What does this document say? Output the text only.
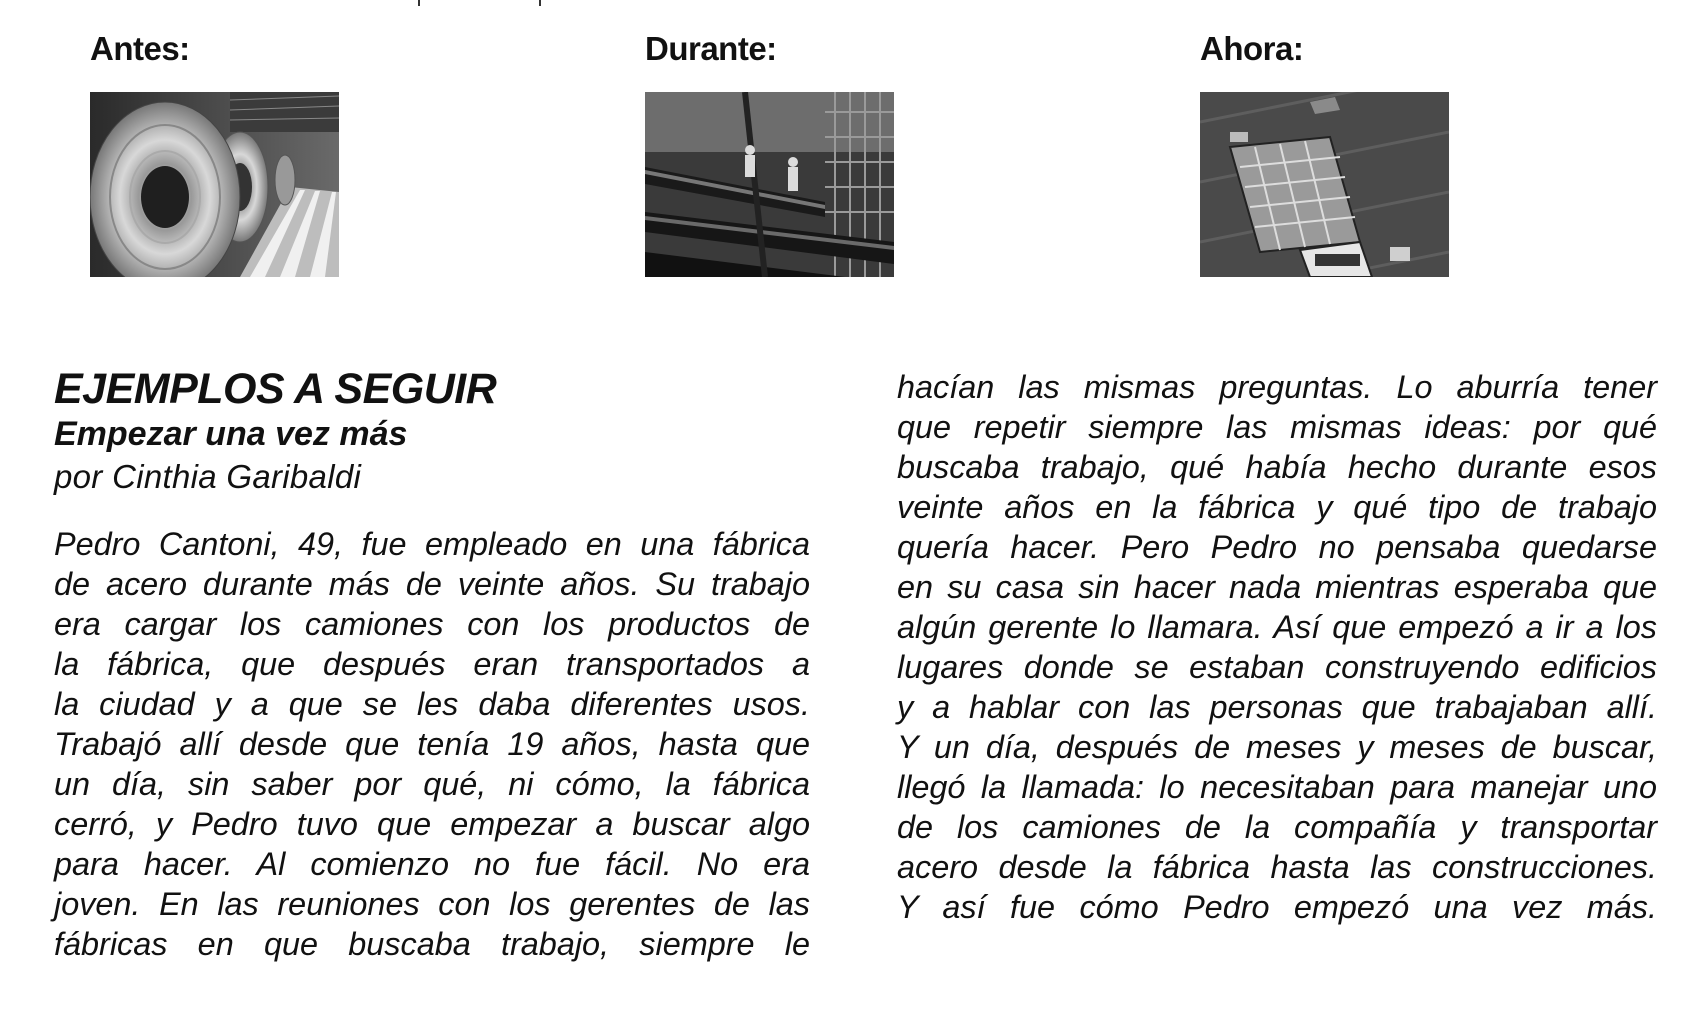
Antes:	Durante:	Ahora:
EJEMPLOS A SEGUIR
Empezar una vez más

por Cinthia Garibaldi

Pedro Cantoni, 49, fue empleado en una fábrica
de acero durante más de veinte años. Su trabajo
era cargar los camiones con los productos de
la fábrica, que después eran transportados a
la ciudad y a que se les daba diferentes usos.
Trabajó allí desde que tenía 19 años, hasta que
un día, sin saber por qué, ni cómo, la fábrica
cerró, y Pedro tuvo que empezar a buscar algo
para hacer. Al comienzo no fue fácil. No era
joven. En las reuniones con los gerentes de las
fábricas en que buscaba trabajo, siempre le
hacían las mismas preguntas. Lo aburría tener
que repetir siempre las mismas ideas: por qué
buscaba trabajo, qué había hecho durante esos
veinte años en la fábrica y qué tipo de trabajo
quería hacer. Pero Pedro no pensaba quedarse
en su casa sin hacer nada mientras esperaba que
algún gerente lo llamara. Así que empezó a ir a los
lugares donde se estaban construyendo edificios
y a hablar con las personas que trabajaban allí.
Y un día, después de meses y meses de buscar,
llegó la llamada: lo necesitaban para manejar uno
de los camiones de la compañía y transportar
acero desde la fábrica hasta las construcciones.
Y así fue cómo Pedro empezó una vez más.
